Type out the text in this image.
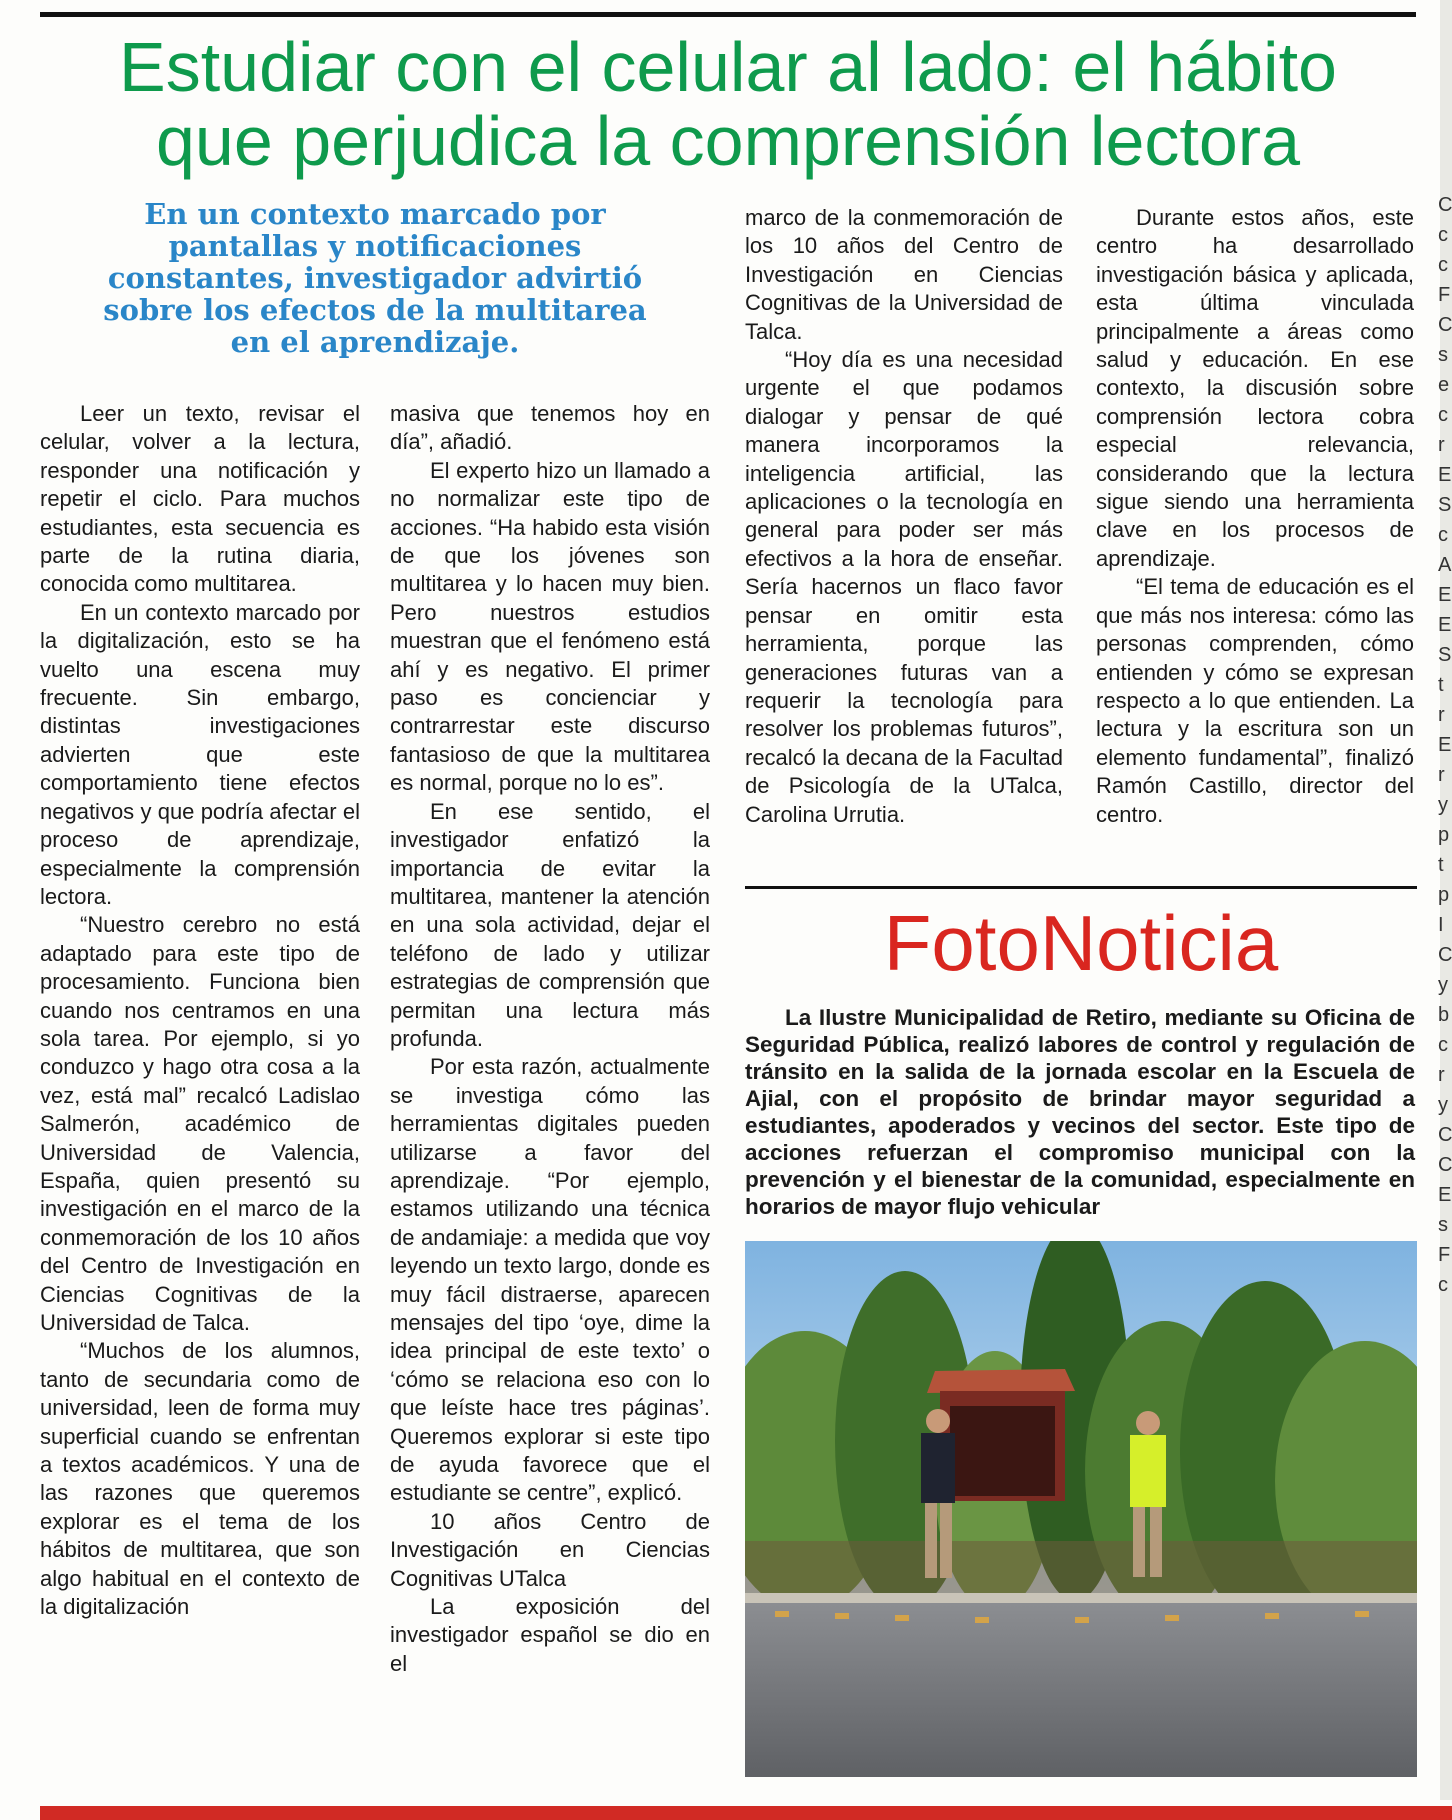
Estudiar con el celular al lado: el hábito
que perjudica la comprensión lectora
En un contexto marcado por
pantallas y notificaciones
constantes, investigador advirtió
sobre los efectos de la multitarea
en el aprendizaje.

Leer un texto, revisar el celular, volver a la lectura, responder una notificación y repetir el ciclo. Para muchos estudiantes, esta secuencia es parte de la rutina diaria, conocida como multitarea.

En un contexto marcado por la digitalización, esto se ha vuelto una escena muy frecuente. Sin embargo, distintas investigaciones advierten que este comportamiento tiene efectos negativos y que podría afectar el proceso de aprendizaje, especialmente la comprensión lectora.

“Nuestro cerebro no está adaptado para este tipo de procesamiento. Funciona bien cuando nos centramos en una sola tarea. Por ejemplo, si yo conduzco y hago otra cosa a la vez, está mal” recalcó Ladislao Salmerón, académico de Universidad de Valencia, España, quien presentó su investigación en el marco de la conmemoración de los 10 años del Centro de Investigación en Ciencias Cognitivas de la Universidad de Talca.

“Muchos de los alumnos, tanto de secundaria como de universidad, leen de forma muy superficial cuando se enfrentan a textos académicos. Y una de las razones que queremos explorar es el tema de los hábitos de multitarea, que son algo habitual en el contexto de la digitalización

masiva que tenemos hoy en día”, añadió.

El experto hizo un llamado a no normalizar este tipo de acciones. “Ha habido esta visión de que los jóvenes son multitarea y lo hacen muy bien. Pero nuestros estudios muestran que el fenómeno está ahí y es negativo. El primer paso es concienciar y contrarrestar este discurso fantasioso de que la multitarea es normal, porque no lo es”.

En ese sentido, el investigador enfatizó la importancia de evitar la multitarea, mantener la atención en una sola actividad, dejar el teléfono de lado y utilizar estrategias de comprensión que permitan una lectura más profunda.

Por esta razón, actualmente se investiga cómo las herramientas digitales pueden utilizarse a favor del aprendizaje. “Por ejemplo, estamos utilizando una técnica de andamiaje: a medida que voy leyendo un texto largo, donde es muy fácil distraerse, aparecen mensajes del tipo ‘oye, dime la idea principal de este texto’ o ‘cómo se relaciona eso con lo que leíste hace tres páginas’. Queremos explorar si este tipo de ayuda favorece que el estudiante se centre”, explicó.

10 años Centro de Investigación en Ciencias Cognitivas UTalca

La exposición del investigador español se dio en el

marco de la conmemoración de los 10 años del Centro de Investigación en Ciencias Cognitivas de la Universidad de Talca.

“Hoy día es una necesidad urgente el que podamos dialogar y pensar de qué manera incorporamos la inteligencia artificial, las aplicaciones o la tecnología en general para poder ser más efectivos a la hora de enseñar. Sería hacernos un flaco favor pensar en omitir esta herramienta, porque las generaciones futuras van a requerir la tecnología para resolver los problemas futuros”, recalcó la decana de la Facultad de Psicología de la UTalca, Carolina Urrutia.

Durante estos años, este centro ha desarrollado investigación básica y aplicada, esta última vinculada principalmente a áreas como salud y educación. En ese contexto, la discusión sobre comprensión lectora cobra especial relevancia, considerando que la lectura sigue siendo una herramienta clave en los procesos de aprendizaje.

“El tema de educación es el que más nos interesa: cómo las personas comprenden, cómo entienden y cómo se expresan respecto a lo que entienden. La lectura y la escritura son un elemento fundamental”, finalizó Ramón Castillo, director del centro.

FotoNoticia

La Ilustre Municipalidad de Retiro, mediante su Oficina de Seguridad Pública, realizó labores de control y regulación de tránsito en la salida de la jornada escolar en la Escuela de Ajial, con el propósito de brindar mayor seguridad a estudiantes, apoderados y vecinos del sector. Este tipo de acciones refuerzan el compromiso municipal con la prevención y el bienestar de la comunidad, especialmente en horarios de mayor flujo vehicular

C c c F C s e c r E S c A E E S t r E r y p t p I C y b c r y C C E s F c
